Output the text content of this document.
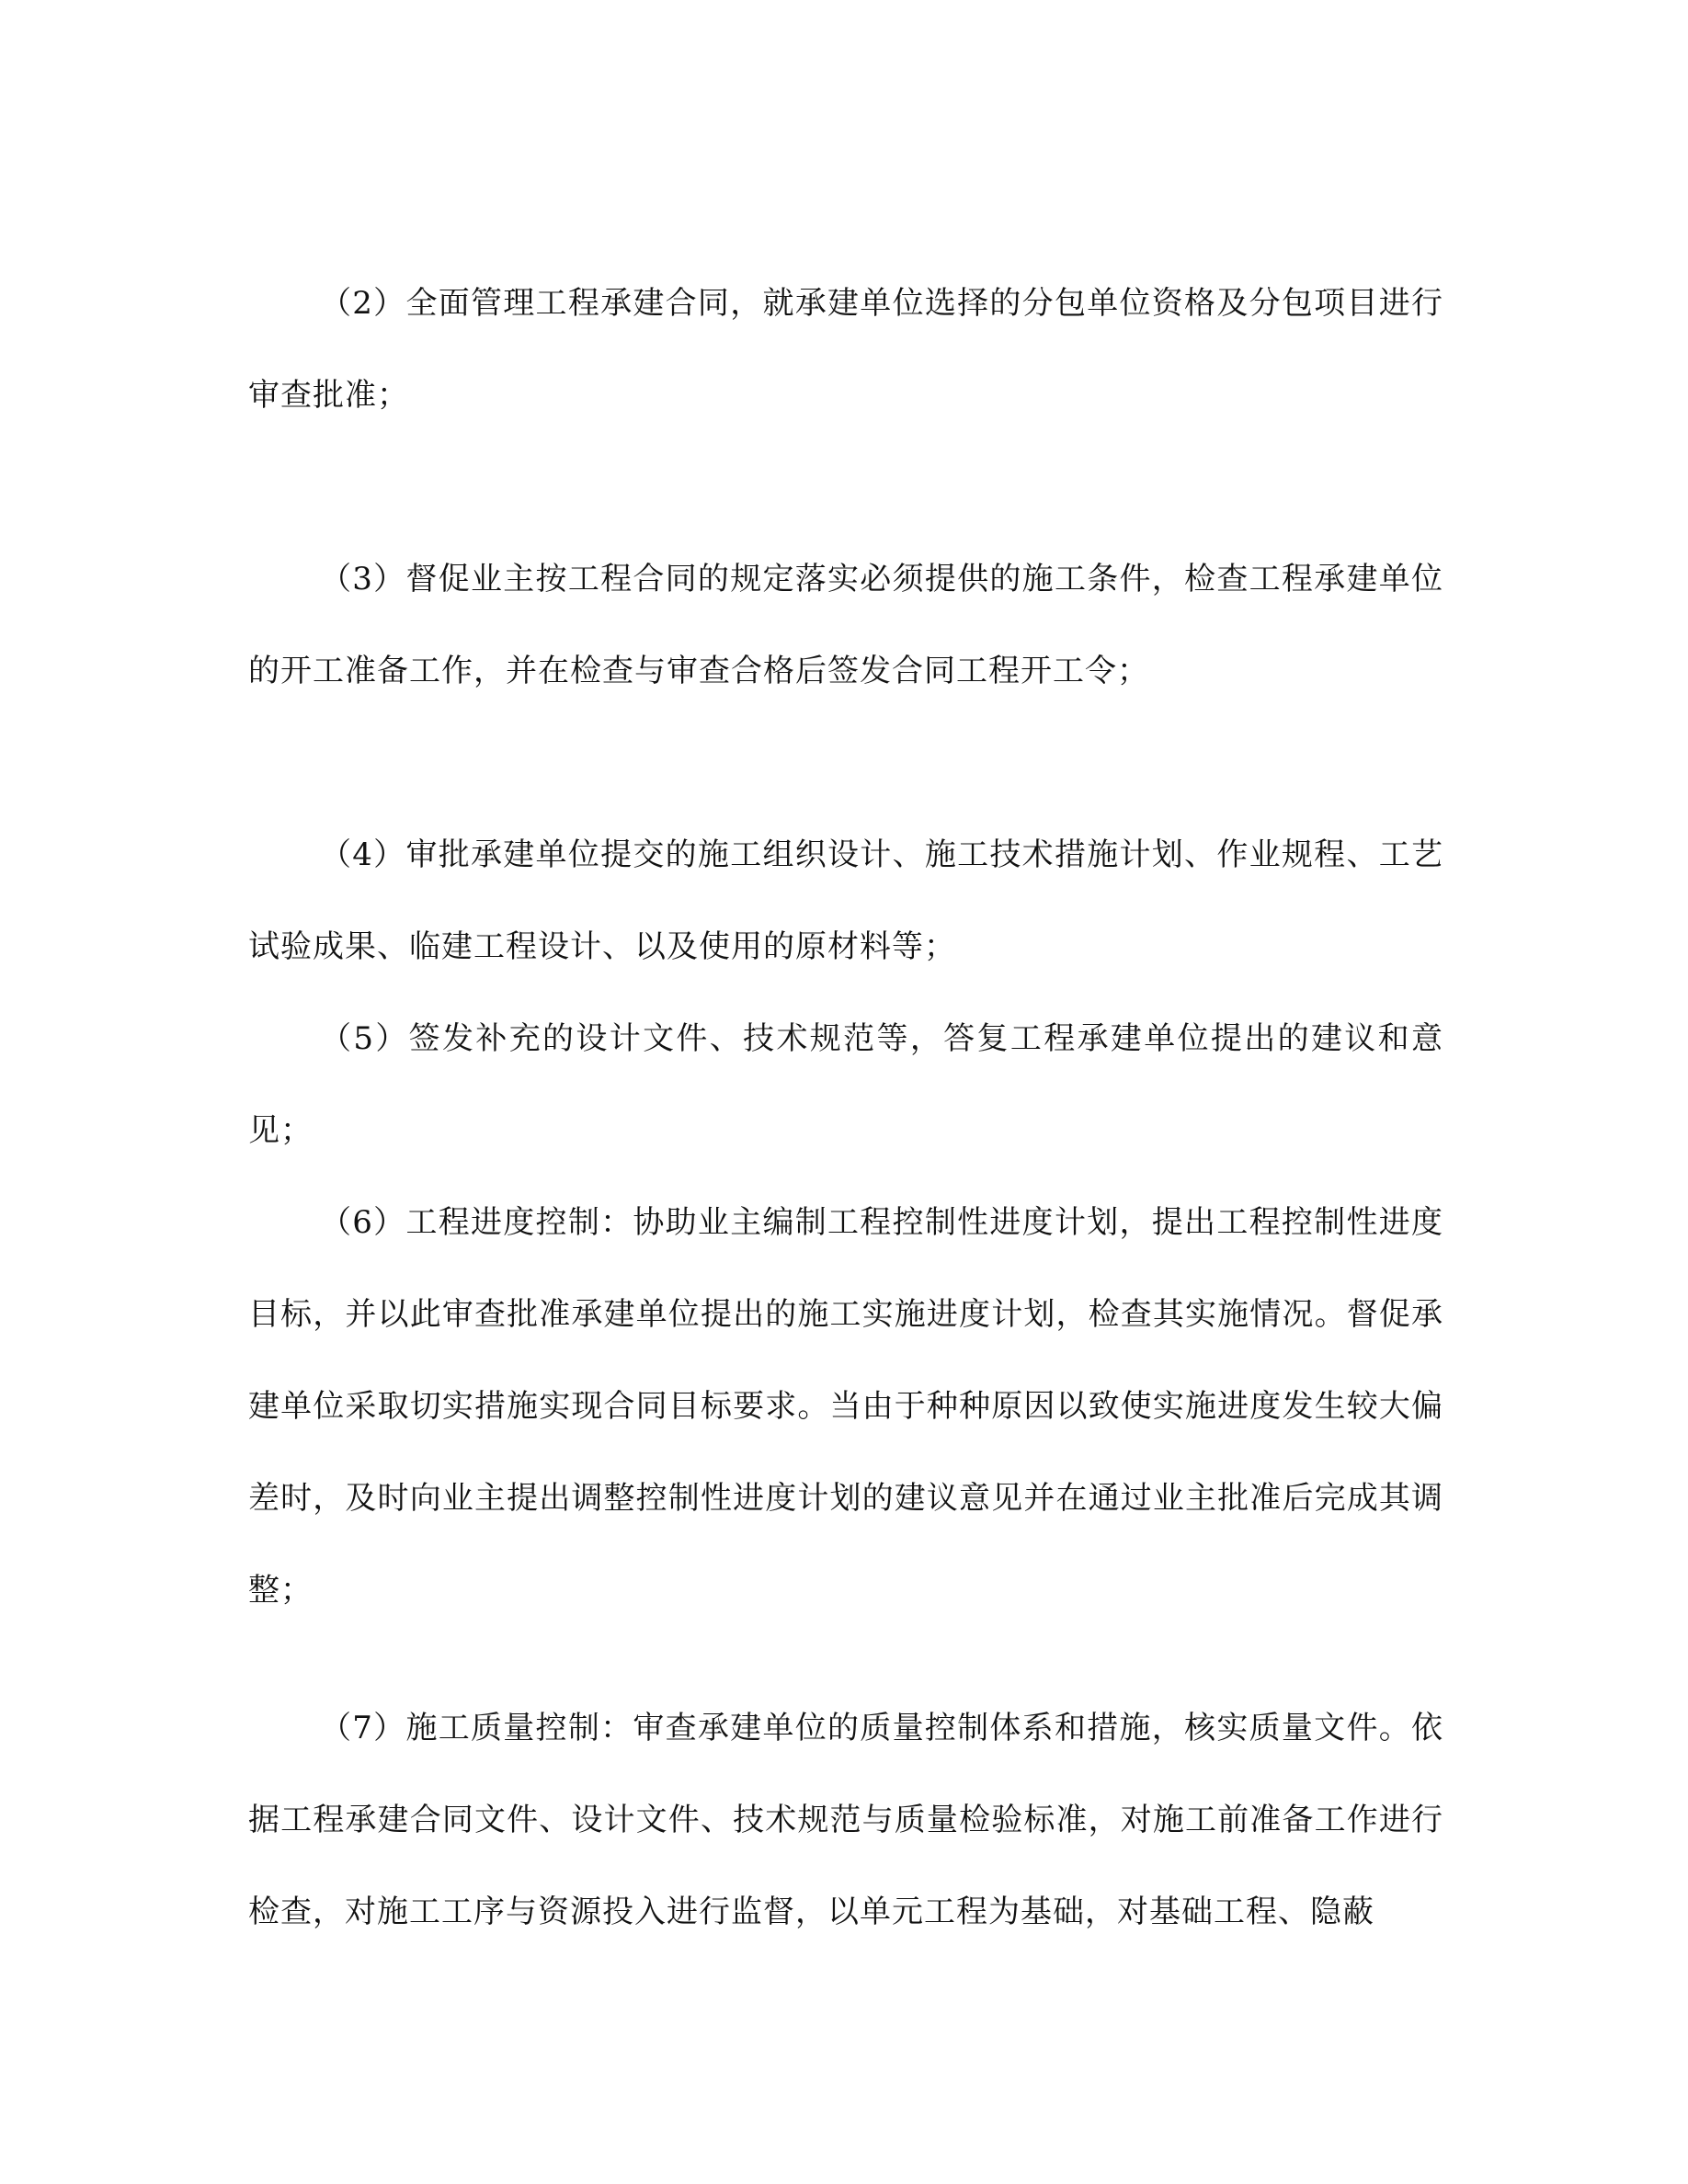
（2）全面管理工程承建合同，就承建单位选择的分包单位资格及分包项目进行审查批准；

（3）督促业主按工程合同的规定落实必须提供的施工条件，检查工程承建单位的开工准备工作，并在检查与审查合格后签发合同工程开工令；

（4）审批承建单位提交的施工组织设计、施工技术措施计划、作业规程、工艺试验成果、临建工程设计、以及使用的原材料等；

（5）签发补充的设计文件、技术规范等，答复工程承建单位提出的建议和意见；

（6）工程进度控制：协助业主编制工程控制性进度计划，提出工程控制性进度目标，并以此审查批准承建单位提出的施工实施进度计划，检查其实施情况。督促承建单位采取切实措施实现合同目标要求。当由于种种原因以致使实施进度发生较大偏差时，及时向业主提出调整控制性进度计划的建议意见并在通过业主批准后完成其调整；

（7）施工质量控制：审查承建单位的质量控制体系和措施，核实质量文件。依据工程承建合同文件、设计文件、技术规范与质量检验标准，对施工前准备工作进行检查，对施工工序与资源投入进行监督，以单元工程为基础，对基础工程、隐蔽
